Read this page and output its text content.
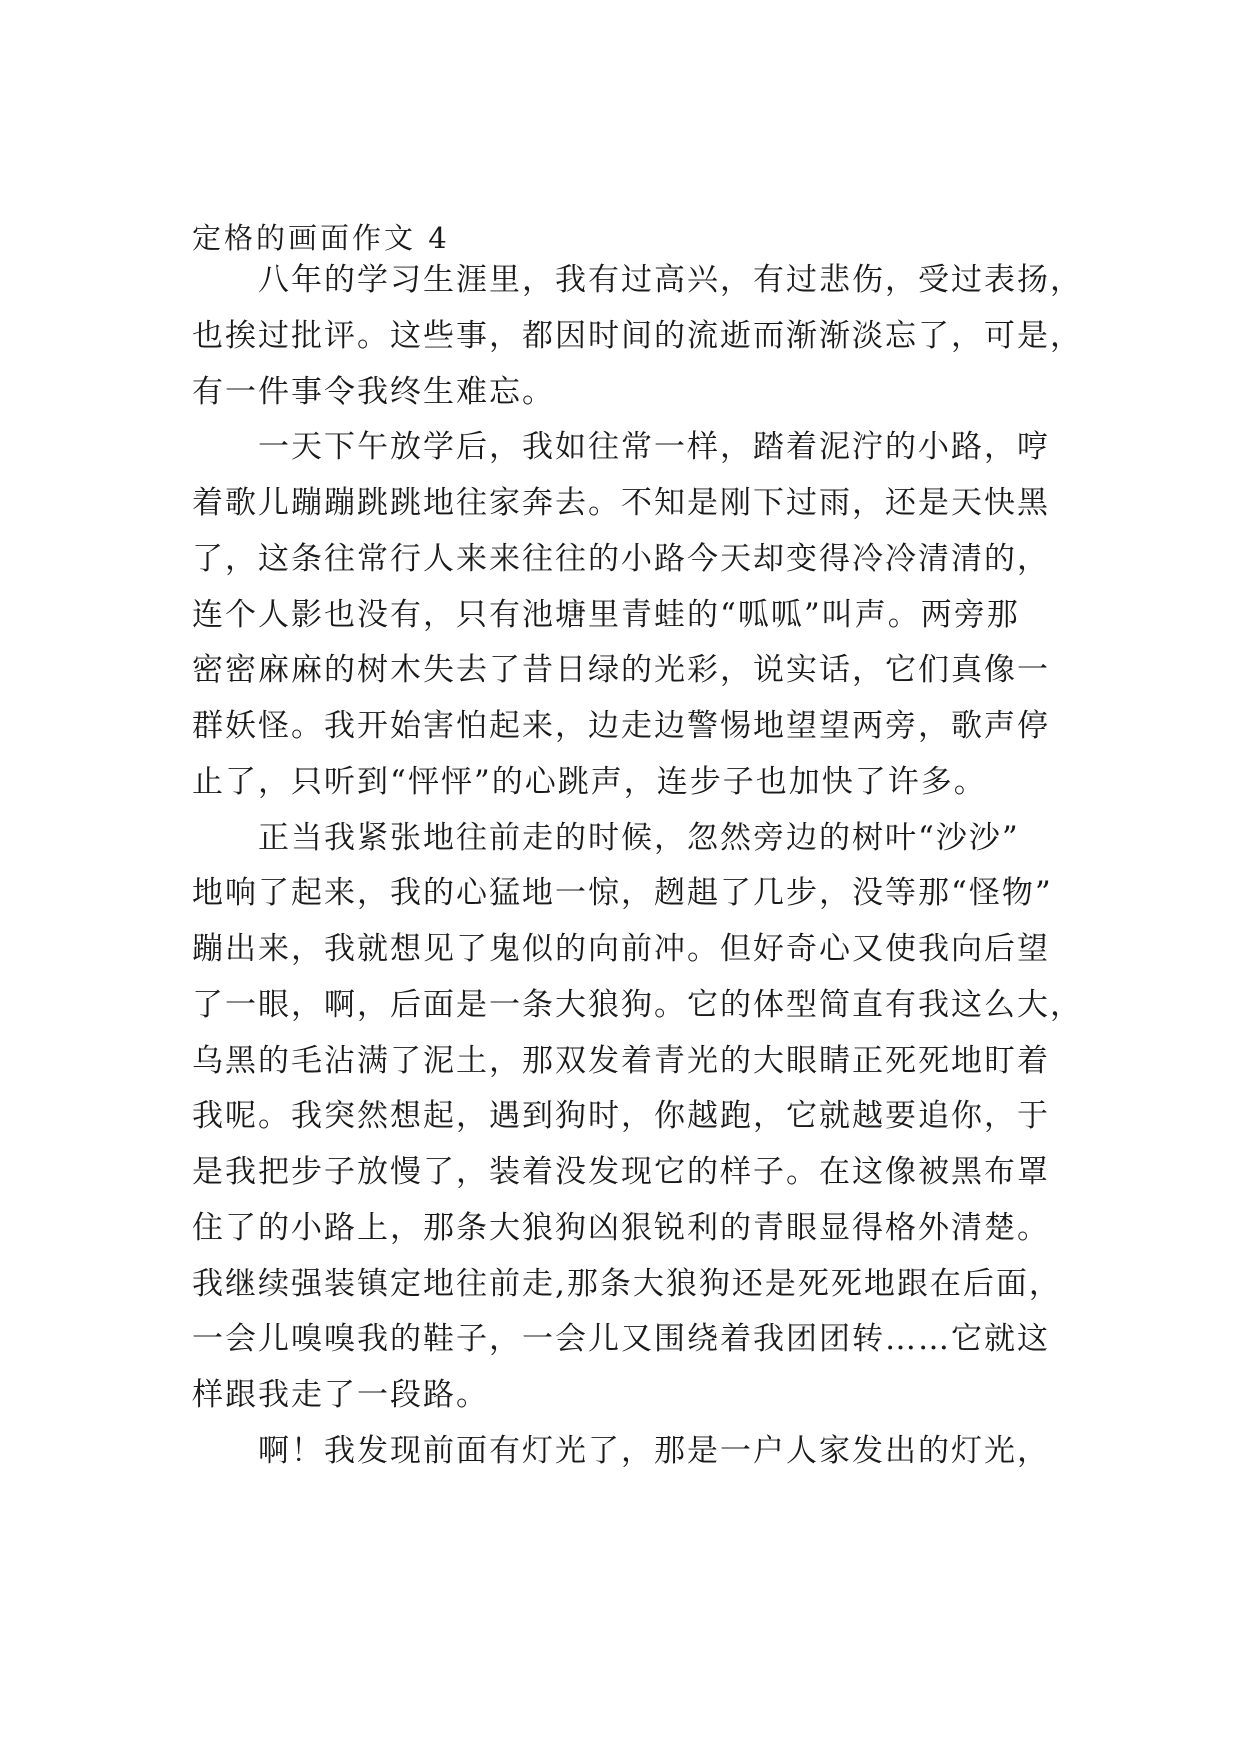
定格的画面作文 4
八年的学习生涯里，我有过高兴，有过悲伤，受过表扬，
也挨过批评。这些事，都因时间的流逝而渐渐淡忘了，可是，
有一件事令我终生难忘。
一天下午放学后，我如往常一样，踏着泥泞的小路，哼
着歌儿蹦蹦跳跳地往家奔去。不知是刚下过雨，还是天快黑
了，这条往常行人来来往往的小路今天却变得冷冷清清的，
连个人影也没有，只有池塘里青蛙的“呱呱”叫声。两旁那
密密麻麻的树木失去了昔日绿的光彩，说实话，它们真像一
群妖怪。我开始害怕起来，边走边警惕地望望两旁，歌声停
止了，只听到“怦怦”的心跳声，连步子也加快了许多。
正当我紧张地往前走的时候，忽然旁边的树叶“沙沙”
地响了起来，我的心猛地一惊，趔趄了几步，没等那“怪物”
蹦出来，我就想见了鬼似的向前冲。但好奇心又使我向后望
了一眼，啊，后面是一条大狼狗。它的体型简直有我这么大，
乌黑的毛沾满了泥土，那双发着青光的大眼睛正死死地盯着
我呢。我突然想起，遇到狗时，你越跑，它就越要追你，于
是我把步子放慢了，装着没发现它的样子。在这像被黑布罩
住了的小路上，那条大狼狗凶狠锐利的青眼显得格外清楚。
我继续强装镇定地往前走,那条大狼狗还是死死地跟在后面，
一会儿嗅嗅我的鞋子，一会儿又围绕着我团团转……它就这
样跟我走了一段路。
啊！我发现前面有灯光了，那是一户人家发出的灯光，
